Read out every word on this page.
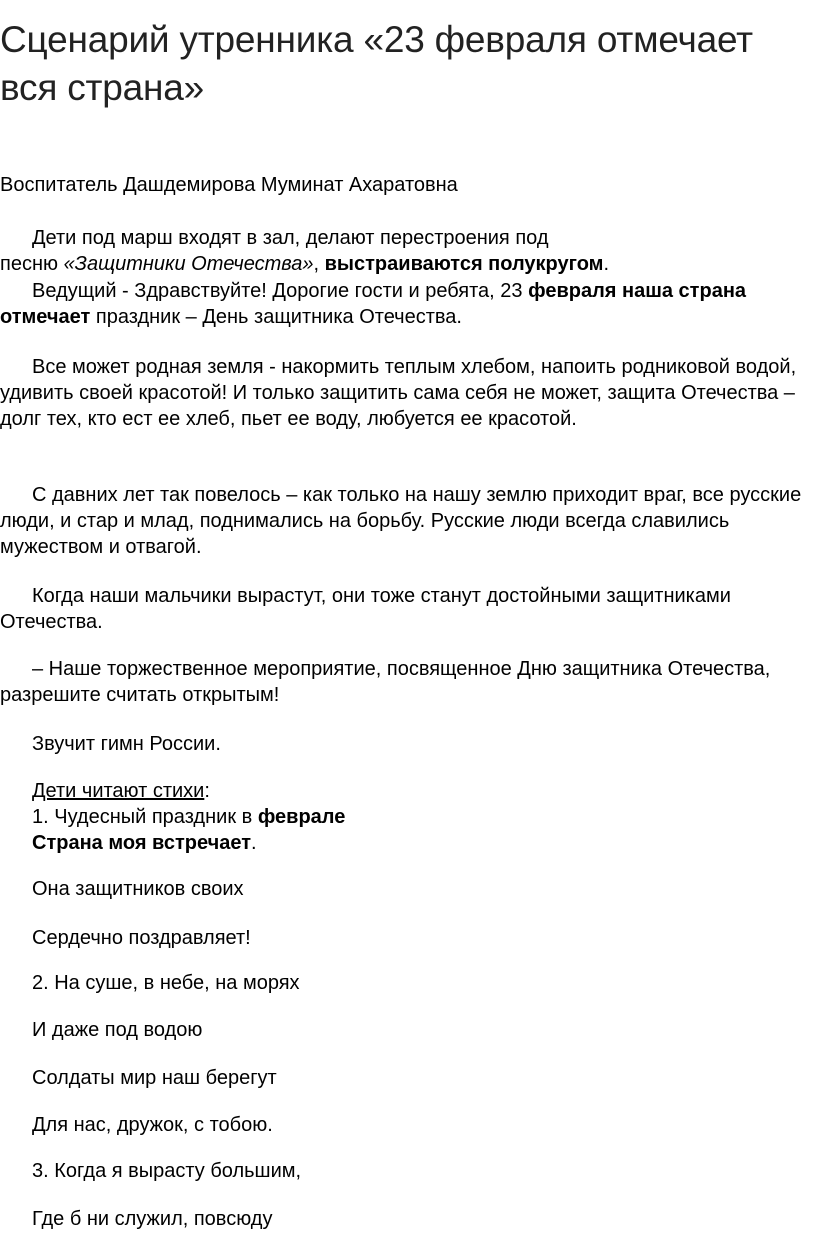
Сценарий утренника «23 февраля отмечает вся страна»

Воспитатель Дашдемирова Муминат Ахаратовна

Дети под марш входят в зал, делают перестроения под
песню «Защитники Отечества», выстраиваются полукругом.

Ведущий - Здравствуйте! Дорогие гости и ребята, 23 февраля наша страна отмечает праздник – День защитника Отечества.

Все может родная земля - накормить теплым хлебом, напоить родниковой водой, удивить своей красотой! И только защитить сама себя не может, защита Отечества – долг тех, кто ест ее хлеб, пьет ее воду, любуется ее красотой.

С давних лет так повелось – как только на нашу землю приходит враг, все русские люди, и стар и млад, поднимались на борьбу. Русские люди всегда славились мужеством и отвагой.

Когда наши мальчики вырастут, они тоже станут достойными защитниками Отечества.

– Наше торжественное мероприятие, посвященное Дню защитника Отечества, разрешите считать открытым!

Звучит гимн России.

Дети читают стихи:
1. Чудесный праздник в феврале
Страна моя встречает.

Она защитников своих

Сердечно поздравляет!

2. На суше, в небе, на морях

И даже под водою

Солдаты мир наш берегут

Для нас, дружок, с тобою.

3. Когда я вырасту большим,

Где б ни служил, повсюду
